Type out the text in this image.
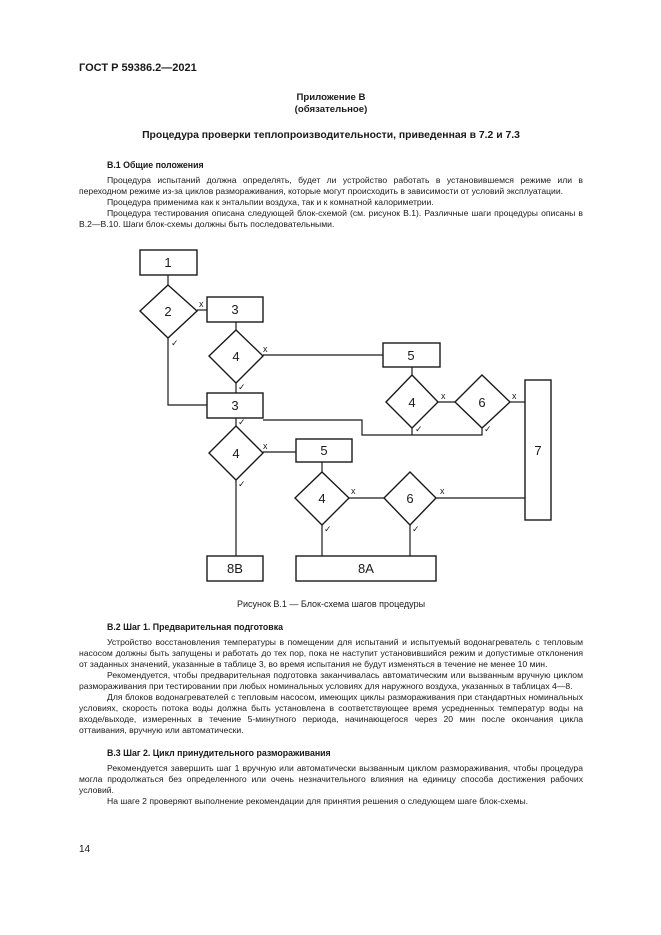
ГОСТ Р 59386.2—2021
Приложение В
(обязательное)
Процедура проверки теплопроизводительности, приведенная в 7.2 и 7.3
В.1 Общие положения

Процедура испытаний должна определять, будет ли устройство работать в установившемся режиме или в переходном режиме из-за циклов размораживания, которые могут происходить в зависимости от условий эксплуатации.

Процедура применима как к энтальпии воздуха, так и к комнатной калориметрии.

Процедура тестирования описана следующей блок-схемой (см. рисунок В.1). Различные шаги процедуры описаны в В.2—В.10. Шаги блок-схемы должны быть последовательными.

1
2	3
4	5
4	6
3
7
4	5
4	6
8B	8A
x
x
x	x
x
x	x
✓
✓
✓
✓	✓
✓
✓	✓
Рисунок В.1 — Блок-схема шагов процедуры
В.2 Шаг 1. Предварительная подготовка

Устройство восстановления температуры в помещении для испытаний и испытуемый водонагреватель с тепловым насосом должны быть запущены и работать до тех пор, пока не наступит установившийся режим и допустимые отклонения от заданных значений, указанные в таблице 3, во время испытания не будут изменяться в течение не менее 10 мин.

Рекомендуется, чтобы предварительная подготовка заканчивалась автоматическим или вызванным вручную циклом размораживания при тестировании при любых номинальных условиях для наружного воздуха, указанных в таблицах 4—8.

Для блоков водонагревателей с тепловым насосом, имеющих циклы размораживания при стандартных номинальных условиях, скорость потока воды должна быть установлена в соответствующее время усредненных температур воды на входе/выходе, измеренных в течение 5-минутного периода, начинающегося через 20 мин после окончания цикла оттаивания, вручную или автоматически.

В.3 Шаг 2. Цикл принудительного размораживания

Рекомендуется завершить шаг 1 вручную или автоматически вызванным циклом размораживания, чтобы процедура могла продолжаться без определенного или очень незначительного влияния на единицу способа достижения рабочих условий.

На шаге 2 проверяют выполнение рекомендации для принятия решения о следующем шаге блок-схемы.

14
